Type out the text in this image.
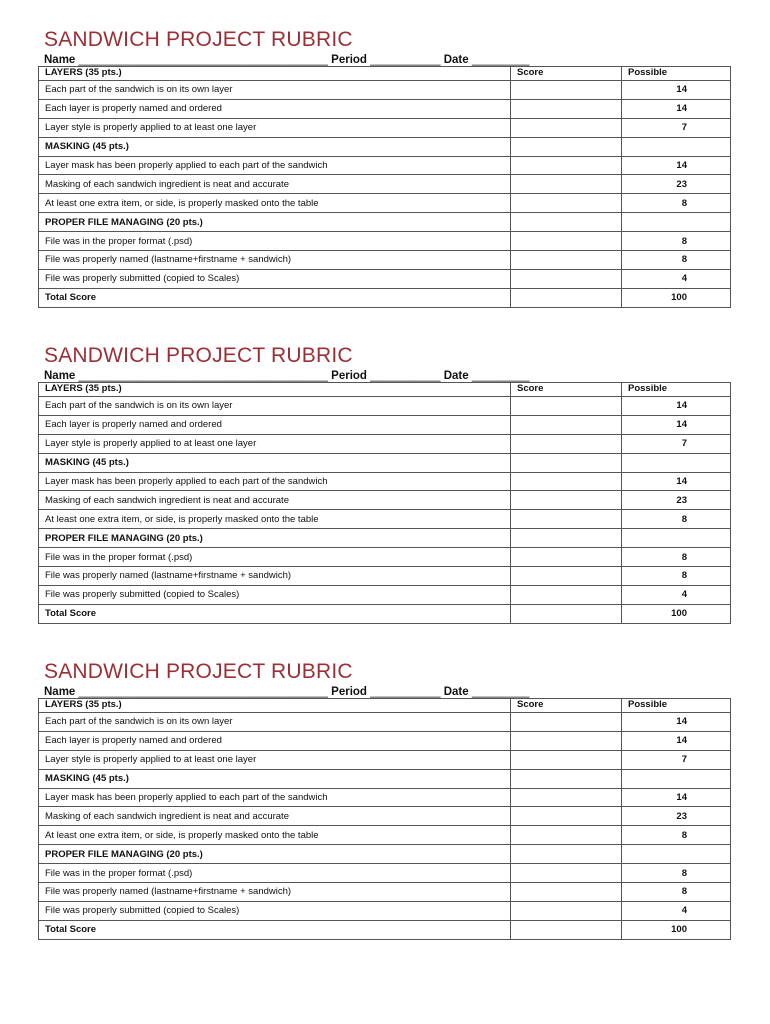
SANDWICH PROJECT RUBRIC
Name _______________________________________ Period ___________ Date _________
LAYERS (35 pts.)	Score	Possible
Each part of the sandwich is on its own layer		14
Each layer is properly named and ordered		14
Layer style is properly applied to at least one layer		7
MASKING (45 pts.)		
Layer mask has been properly applied to each part of the sandwich		14
Masking of each sandwich ingredient is neat and accurate		23
At least one extra item, or side, is properly masked onto the table		8
PROPER FILE MANAGING (20 pts.)		
File was in the proper format (.psd)		8
File was properly named (lastname+firstname + sandwich)		8
File was properly submitted (copied to Scales)		4
Total Score		100
SANDWICH PROJECT RUBRIC
Name _______________________________________ Period ___________ Date _________
LAYERS (35 pts.)	Score	Possible
Each part of the sandwich is on its own layer		14
Each layer is properly named and ordered		14
Layer style is properly applied to at least one layer		7
MASKING (45 pts.)		
Layer mask has been properly applied to each part of the sandwich		14
Masking of each sandwich ingredient is neat and accurate		23
At least one extra item, or side, is properly masked onto the table		8
PROPER FILE MANAGING (20 pts.)		
File was in the proper format (.psd)		8
File was properly named (lastname+firstname + sandwich)		8
File was properly submitted (copied to Scales)		4
Total Score		100
SANDWICH PROJECT RUBRIC
Name _______________________________________ Period ___________ Date _________
LAYERS (35 pts.)	Score	Possible
Each part of the sandwich is on its own layer		14
Each layer is properly named and ordered		14
Layer style is properly applied to at least one layer		7
MASKING (45 pts.)		
Layer mask has been properly applied to each part of the sandwich		14
Masking of each sandwich ingredient is neat and accurate		23
At least one extra item, or side, is properly masked onto the table		8
PROPER FILE MANAGING (20 pts.)		
File was in the proper format (.psd)		8
File was properly named (lastname+firstname + sandwich)		8
File was properly submitted (copied to Scales)		4
Total Score		100
